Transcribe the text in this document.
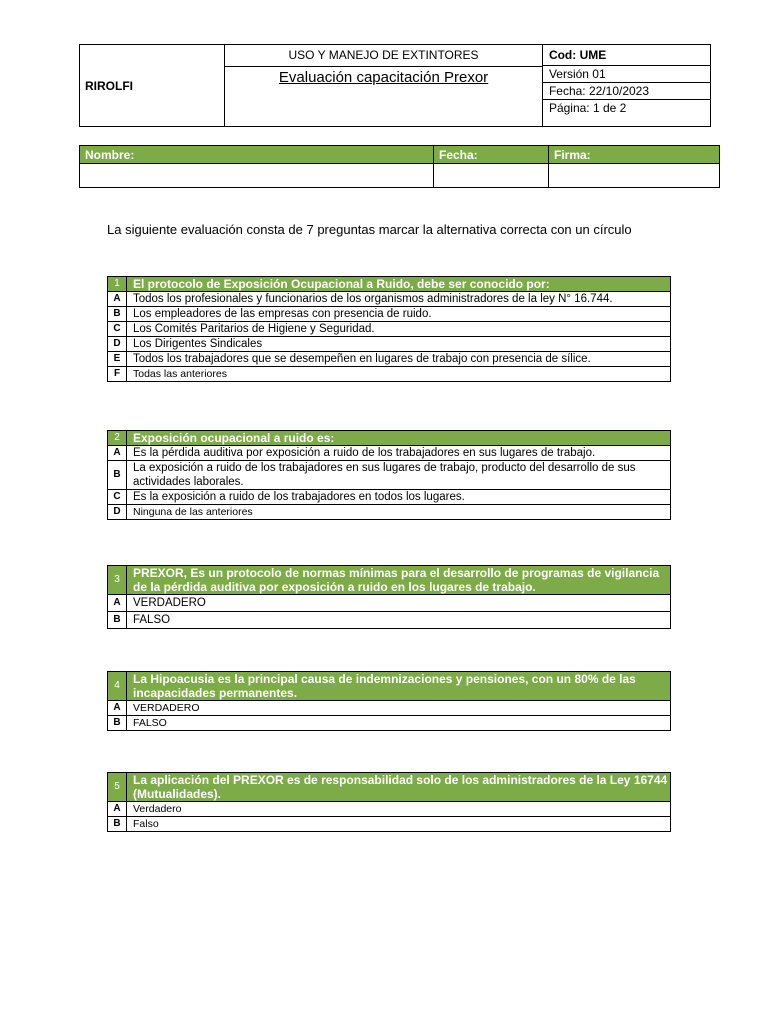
RIROLFI	
USO Y MANEJO DE EXTINTORES
Evaluación capacitación Prexor

Cod: UME
Versión 01
Fecha: 22/10/2023
Página: 1 de 2
Nombre:	Fecha:	Firma:

La siguiente evaluación consta de 7 preguntas marcar la alternativa correcta con un círculo
1	El protocolo de Exposición Ocupacional a Ruido, debe ser conocido por:
A	Todos los profesionales y funcionarios de los organismos administradores de la ley N° 16.744.
B	Los empleadores de las empresas con presencia de ruido.
C	Los Comités Paritarios de Higiene y Seguridad.
D	Los Dirigentes Sindicales
E	Todos los trabajadores que se desempeñen en lugares de trabajo con presencia de sílice.
F	Todas las anteriores
2	Exposición ocupacional a ruido es:
A	Es la pérdida auditiva por exposición a ruido de los trabajadores en sus lugares de trabajo.
B	La exposición a ruido de los trabajadores en sus lugares de trabajo, producto del desarrollo de sus actividades laborales.
C	Es la exposición a ruido de los trabajadores en todos los lugares.
D	Ninguna de las anteriores
3	PREXOR, Es un protocolo de normas mínimas para el desarrollo de programas de vigilancia de la pérdida auditiva por exposición a ruido en los lugares de trabajo.
A	VERDADERO
B	FALSO
4	La Hipoacusia es la principal causa de indemnizaciones y pensiones, con un 80% de las incapacidades permanentes.
A	VERDADERO
B	FALSO
5	La aplicación del PREXOR es de responsabilidad solo de los administradores de la Ley 16744 (Mutualidades).
A	Verdadero
B	Falso
